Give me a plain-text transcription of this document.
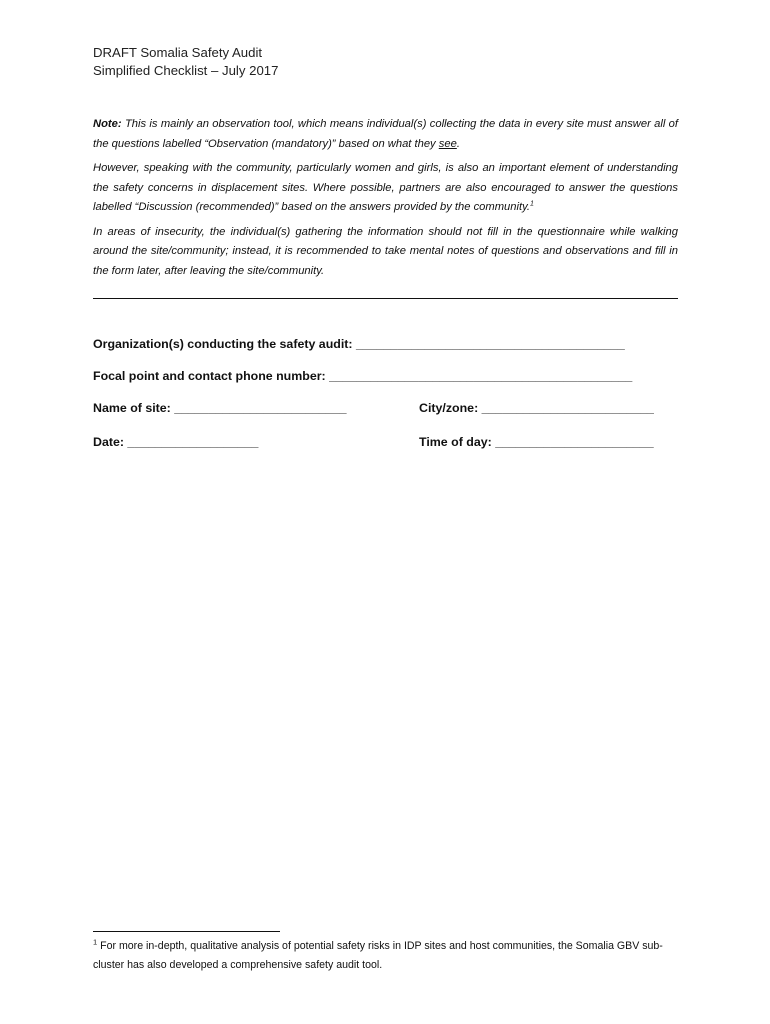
DRAFT Somalia Safety Audit
Simplified Checklist – July 2017

Note: This is mainly an observation tool, which means individual(s) collecting the data in every site must answer all of the questions labelled “Observation (mandatory)” based on what they see.

However, speaking with the community, particularly women and girls, is also an important element of understanding the safety concerns in displacement sites. Where possible, partners are also encouraged to answer the questions labelled “Discussion (recommended)” based on the answers provided by the community.$^1$

In areas of insecurity, the individual(s) gathering the information should not fill in the questionnaire while walking around the site/community; instead, it is recommended to take mental notes of questions and observations and fill in the form later, after leaving the site/community.

Organization(s) conducting the safety audit: _______________________________________
Focal point and contact phone number: ____________________________________________
Name of site: _________________________	City/zone: _________________________
Date: ___________________	Time of day: _______________________
$^1$ For more in-depth, qualitative analysis of potential safety risks in IDP sites and host communities, the Somalia GBV sub-cluster has also developed a comprehensive safety audit tool.
